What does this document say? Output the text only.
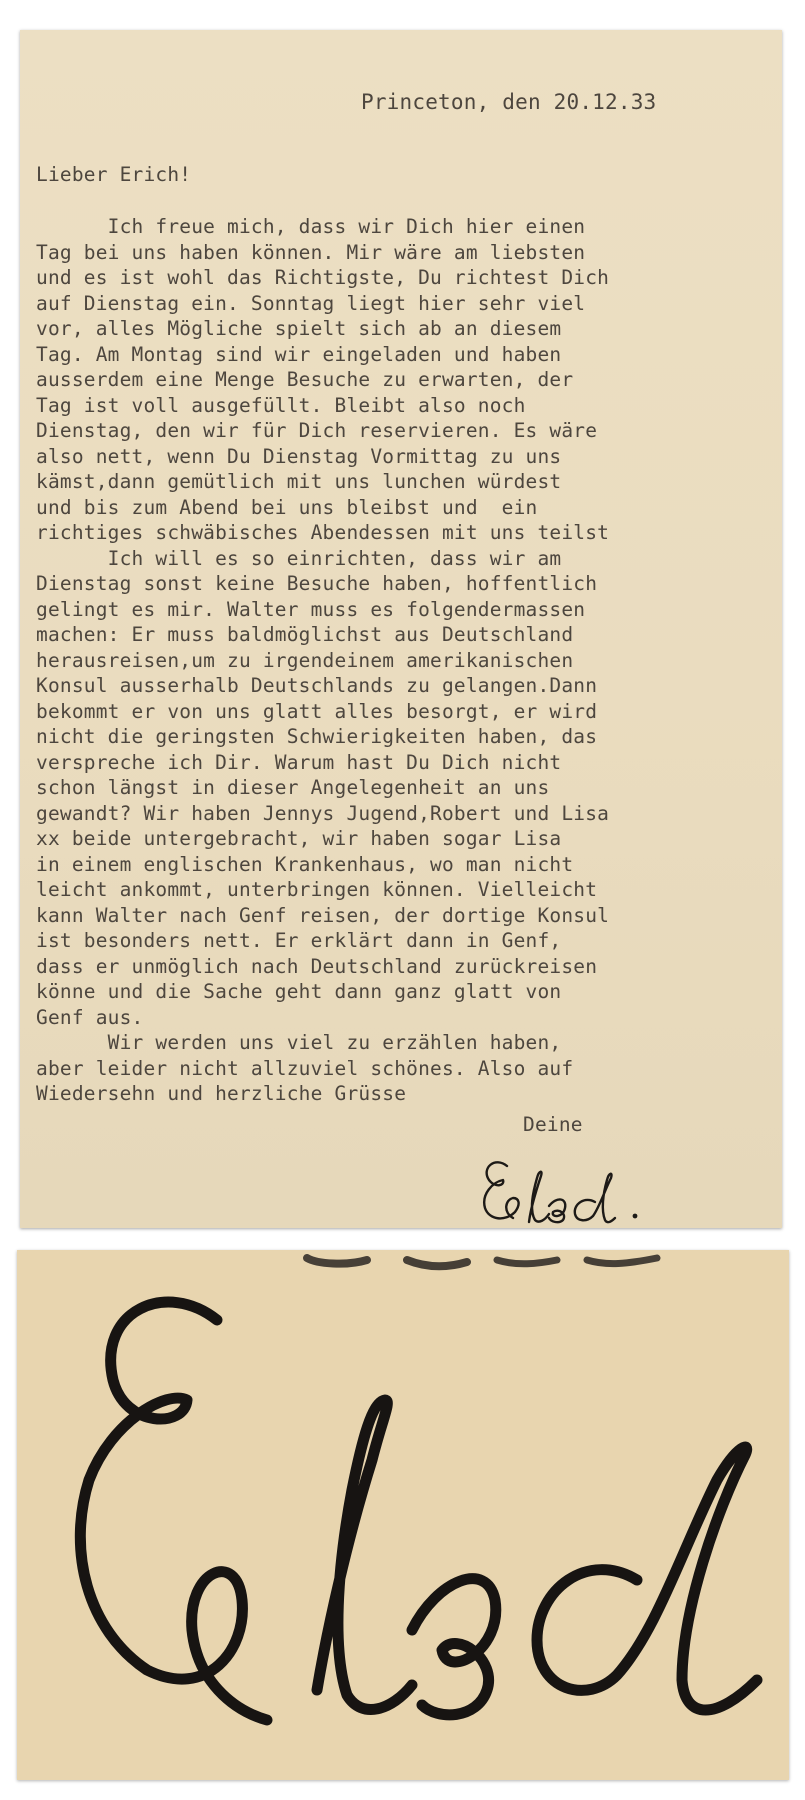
Princeton, den 20.12.33

Lieber Erich!

Ich freue mich, dass wir Dich hier einen
Tag bei uns haben können. Mir wäre am liebsten
und es ist wohl das Richtigste, Du richtest Dich
auf Dienstag ein. Sonntag liegt hier sehr viel
vor, alles Mögliche spielt sich ab an diesem
Tag. Am Montag sind wir eingeladen und haben
ausserdem eine Menge Besuche zu erwarten, der
Tag ist voll ausgefüllt. Bleibt also noch
Dienstag, den wir für Dich reservieren. Es wäre
also nett, wenn Du Dienstag Vormittag zu uns
kämst,dann gemütlich mit uns lunchen würdest
und bis zum Abend bei uns bleibst und  ein
richtiges schwäbisches Abendessen mit uns teilst
Ich will es so einrichten, dass wir am
Dienstag sonst keine Besuche haben, hoffentlich
gelingt es mir. Walter muss es folgendermassen
machen: Er muss baldmöglichst aus Deutschland
herausreisen,um zu irgendeinem amerikanischen
Konsul ausserhalb Deutschlands zu gelangen.Dann
bekommt er von uns glatt alles besorgt, er wird
nicht die geringsten Schwierigkeiten haben, das
verspreche ich Dir. Warum hast Du Dich nicht
schon längst in dieser Angelegenheit an uns
gewandt? Wir haben Jennys Jugend,Robert und Lisa
xx beide untergebracht, wir haben sogar Lisa
in einem englischen Krankenhaus, wo man nicht
leicht ankommt, unterbringen können. Vielleicht
kann Walter nach Genf reisen, der dortige Konsul
ist besonders nett. Er erklärt dann in Genf,
dass er unmöglich nach Deutschland zurückreisen
könne und die Sache geht dann ganz glatt von
Genf aus.
Wir werden uns viel zu erzählen haben,
aber leider nicht allzuviel schönes. Also auf
Wiedersehn und herzliche Grüsse

Deine
